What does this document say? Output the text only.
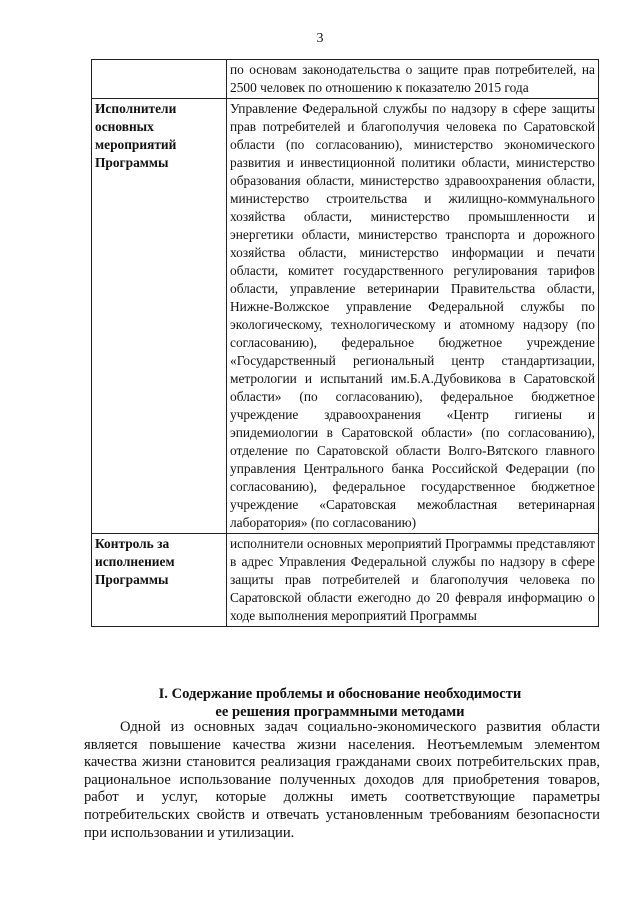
3
	по основам законодательства о защите прав потребителей, на 2500 человек по отношению к показателю 2015 года
Исполнители основных мероприятий Программы	Управление Федеральной службы по надзору в сфере защиты прав потребителей и благополучия человека по Саратовской области (по согласованию), министерство экономического развития и инвестиционной политики области, министерство образования области, министерство здравоохранения области, министерство строительства и жилищно-коммунального хозяйства области, министерство промышленности и энергетики области, министерство транспорта и дорожного хозяйства области, министерство информации и печати области, комитет государственного регулирования тарифов области, управление ветеринарии Правительства области, Нижне-Волжское управление Федеральной службы по экологическому, технологическому и атомному надзору (по согласованию), федеральное бюджетное учреждение «Государственный региональный центр стандартизации, метрологии и испытаний им.Б.А.Дубовикова в Саратовской области» (по согласованию), федеральное бюджетное учреждение здравоохранения «Центр гигиены и эпидемиологии в Саратовской области» (по согласованию), отделение по Саратовской области Волго-Вятского главного управления Центрального банка Российской Федерации (по согласованию), федеральное государственное бюджетное учреждение «Саратовская межобластная ветеринарная лаборатория» (по согласованию)
Контроль за исполнением Программы	исполнители основных мероприятий Программы представляют в адрес Управления Федеральной службы по надзору в сфере защиты прав потребителей и благополучия человека по Саратовской области ежегодно до 20 февраля информацию о ходе выполнения мероприятий Программы
I. Содержание проблемы и обоснование необходимости
ее решения программными методами

Одной из основных задач социально-экономического развития области является повышение качества жизни населения. Неотъемлемым элементом качества жизни становится реализация гражданами своих потребительских прав, рациональное использование полученных доходов для приобретения товаров, работ и услуг, которые должны иметь соответствующие параметры потребительских свойств и отвечать установленным требованиям безопасности при использовании и утилизации.
